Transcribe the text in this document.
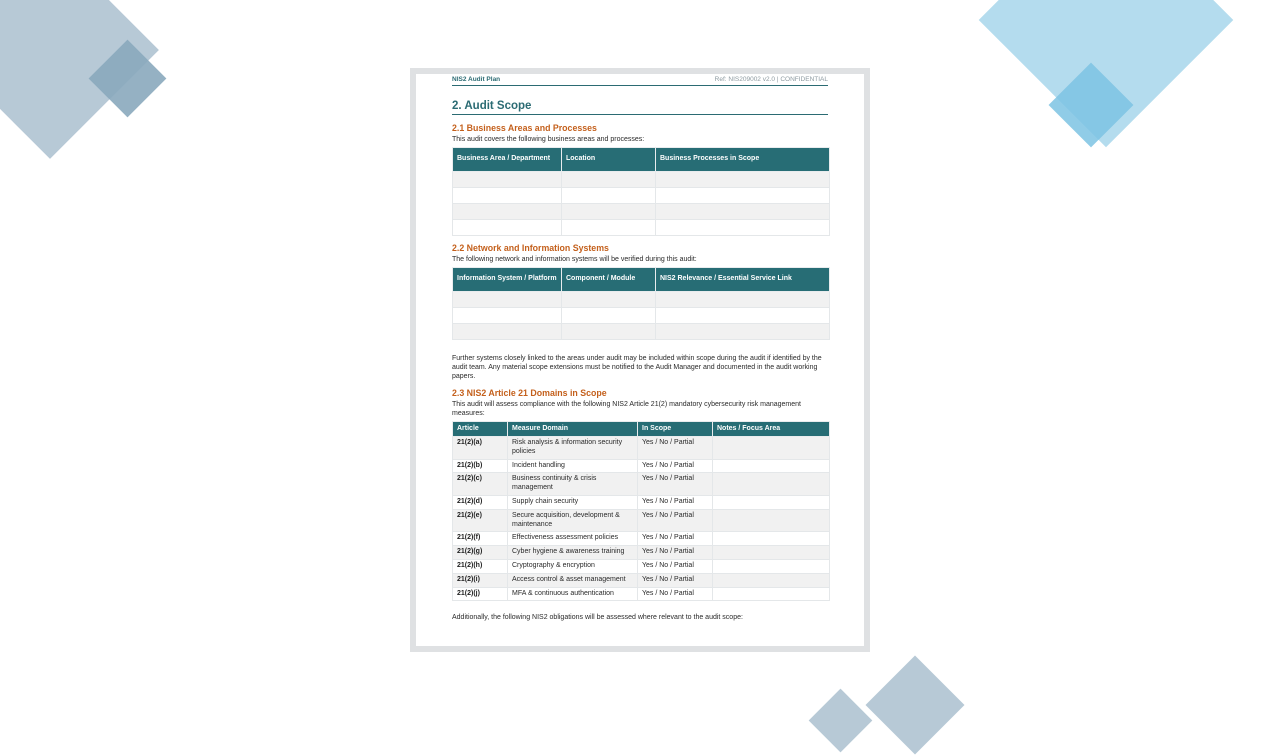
NIS2 Audit Plan	Ref: NIS209002 v2.0 | CONFIDENTIAL
2. Audit Scope
2.1 Business Areas and Processes

This audit covers the following business areas and processes:

Business Area / Department	Location	Business Processes in Scope

2.2 Network and Information Systems

The following network and information systems will be verified during this audit:

Information System / Platform	Component / Module	NIS2 Relevance / Essential Service Link

Further systems closely linked to the areas under audit may be included within scope during the audit if identified by the audit team. Any material scope extensions must be notified to the Audit Manager and documented in the audit working papers.

2.3 NIS2 Article 21 Domains in Scope

This audit will assess compliance with the following NIS2 Article 21(2) mandatory cybersecurity risk management measures:

Article	Measure Domain	In Scope	Notes / Focus Area
21(2)(a)	Risk analysis & information security policies	Yes / No / Partial	
21(2)(b)	Incident handling	Yes / No / Partial	
21(2)(c)	Business continuity & crisis management	Yes / No / Partial	
21(2)(d)	Supply chain security	Yes / No / Partial	
21(2)(e)	Secure acquisition, development & maintenance	Yes / No / Partial	
21(2)(f)	Effectiveness assessment policies	Yes / No / Partial	
21(2)(g)	Cyber hygiene & awareness training	Yes / No / Partial	
21(2)(h)	Cryptography & encryption	Yes / No / Partial	
21(2)(i)	Access control & asset management	Yes / No / Partial	
21(2)(j)	MFA & continuous authentication	Yes / No / Partial	

Additionally, the following NIS2 obligations will be assessed where relevant to the audit scope:
